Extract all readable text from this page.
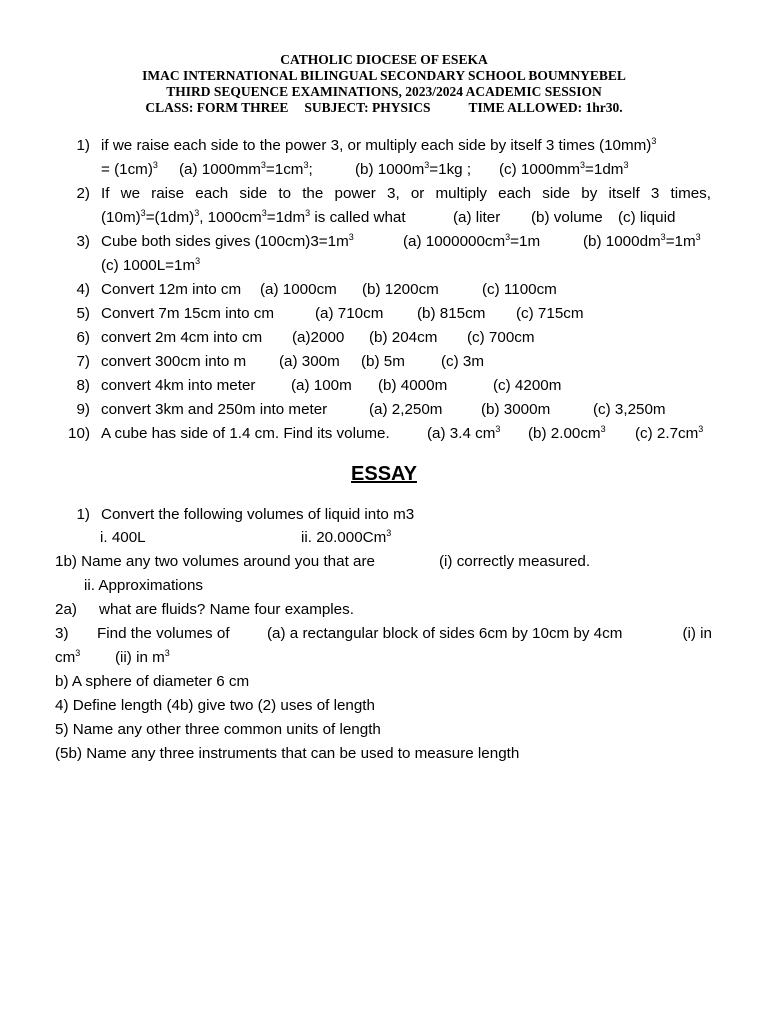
CATHOLIC DIOCESE OF ESEKA
IMAC INTERNATIONAL BILINGUAL SECONDARY SCHOOL BOUMNYEBEL
THIRD SEQUENCE EXAMINATIONS, 2023/2024 ACADEMIC SESSION
CLASS: FORM THREE SUBJECT: PHYSICS	TIME ALLOWED: 1hr30.
1) if we raise each side to the power 3, or multiply each side by itself 3 times $(10mm)^3$
= $(1cm)^3$ (a) $1000mm^3=1cm^3$;	(b) $1000m^3=1kg$ ; (c) $1000mm^3=1dm^3$
2) If we raise each side to the power 3, or multiply each side by itself 3 times,
$(10m)^3=(1dm)^3$, $1000cm^3=1dm^3$ is called what	(a) liter (b) volume (c) liquid
3) Cube both sides gives $(100cm)3=1m^3$	(a) $1000000cm^3=1m$	(b) $1000dm^3=1m^3$
(c) $1000L=1m^3$
4) Convert 12m into cm (a) 1000cm (b) 1200cm	(c) 1100cm
5) Convert 7m 15cm into cm	(a) 710cm (b) 815cm (c) 715cm
6) convert 2m 4cm into cm (a)2000 (b) 204cm (c) 700cm
7) convert 300cm into m (a) 300m (b) 5m (c) 3m
8) convert 4km into meter (a) 100m (b) 4000m	(c) 4200m
9) convert 3km and 250m into meter	(a) 2,250m	(b) 3000m	(c) 3,250m
10) A cube has side of 1.4 cm. Find its volume. (a) 3.4 $cm^3$ (b) $2.00cm^3$ (c) $2.7cm^3$
ESSAY
1) Convert the following volumes of liquid into m3
i. 400L	ii. 20.000Cm$^3$
1b) Name any two volumes around you that are	(i) correctly measured.
ii. Approximations
2a) what are fluids? Name four examples.
3) Find the volumes of (a) a rectangular block of sides 6cm by 10cm by 4cm	(i) in
$cm^3$ (ii) in $m^3$
b) A sphere of diameter 6 cm
4) Define length (4b) give two (2) uses of length
5) Name any other three common units of length
(5b) Name any three instruments that can be used to measure length
